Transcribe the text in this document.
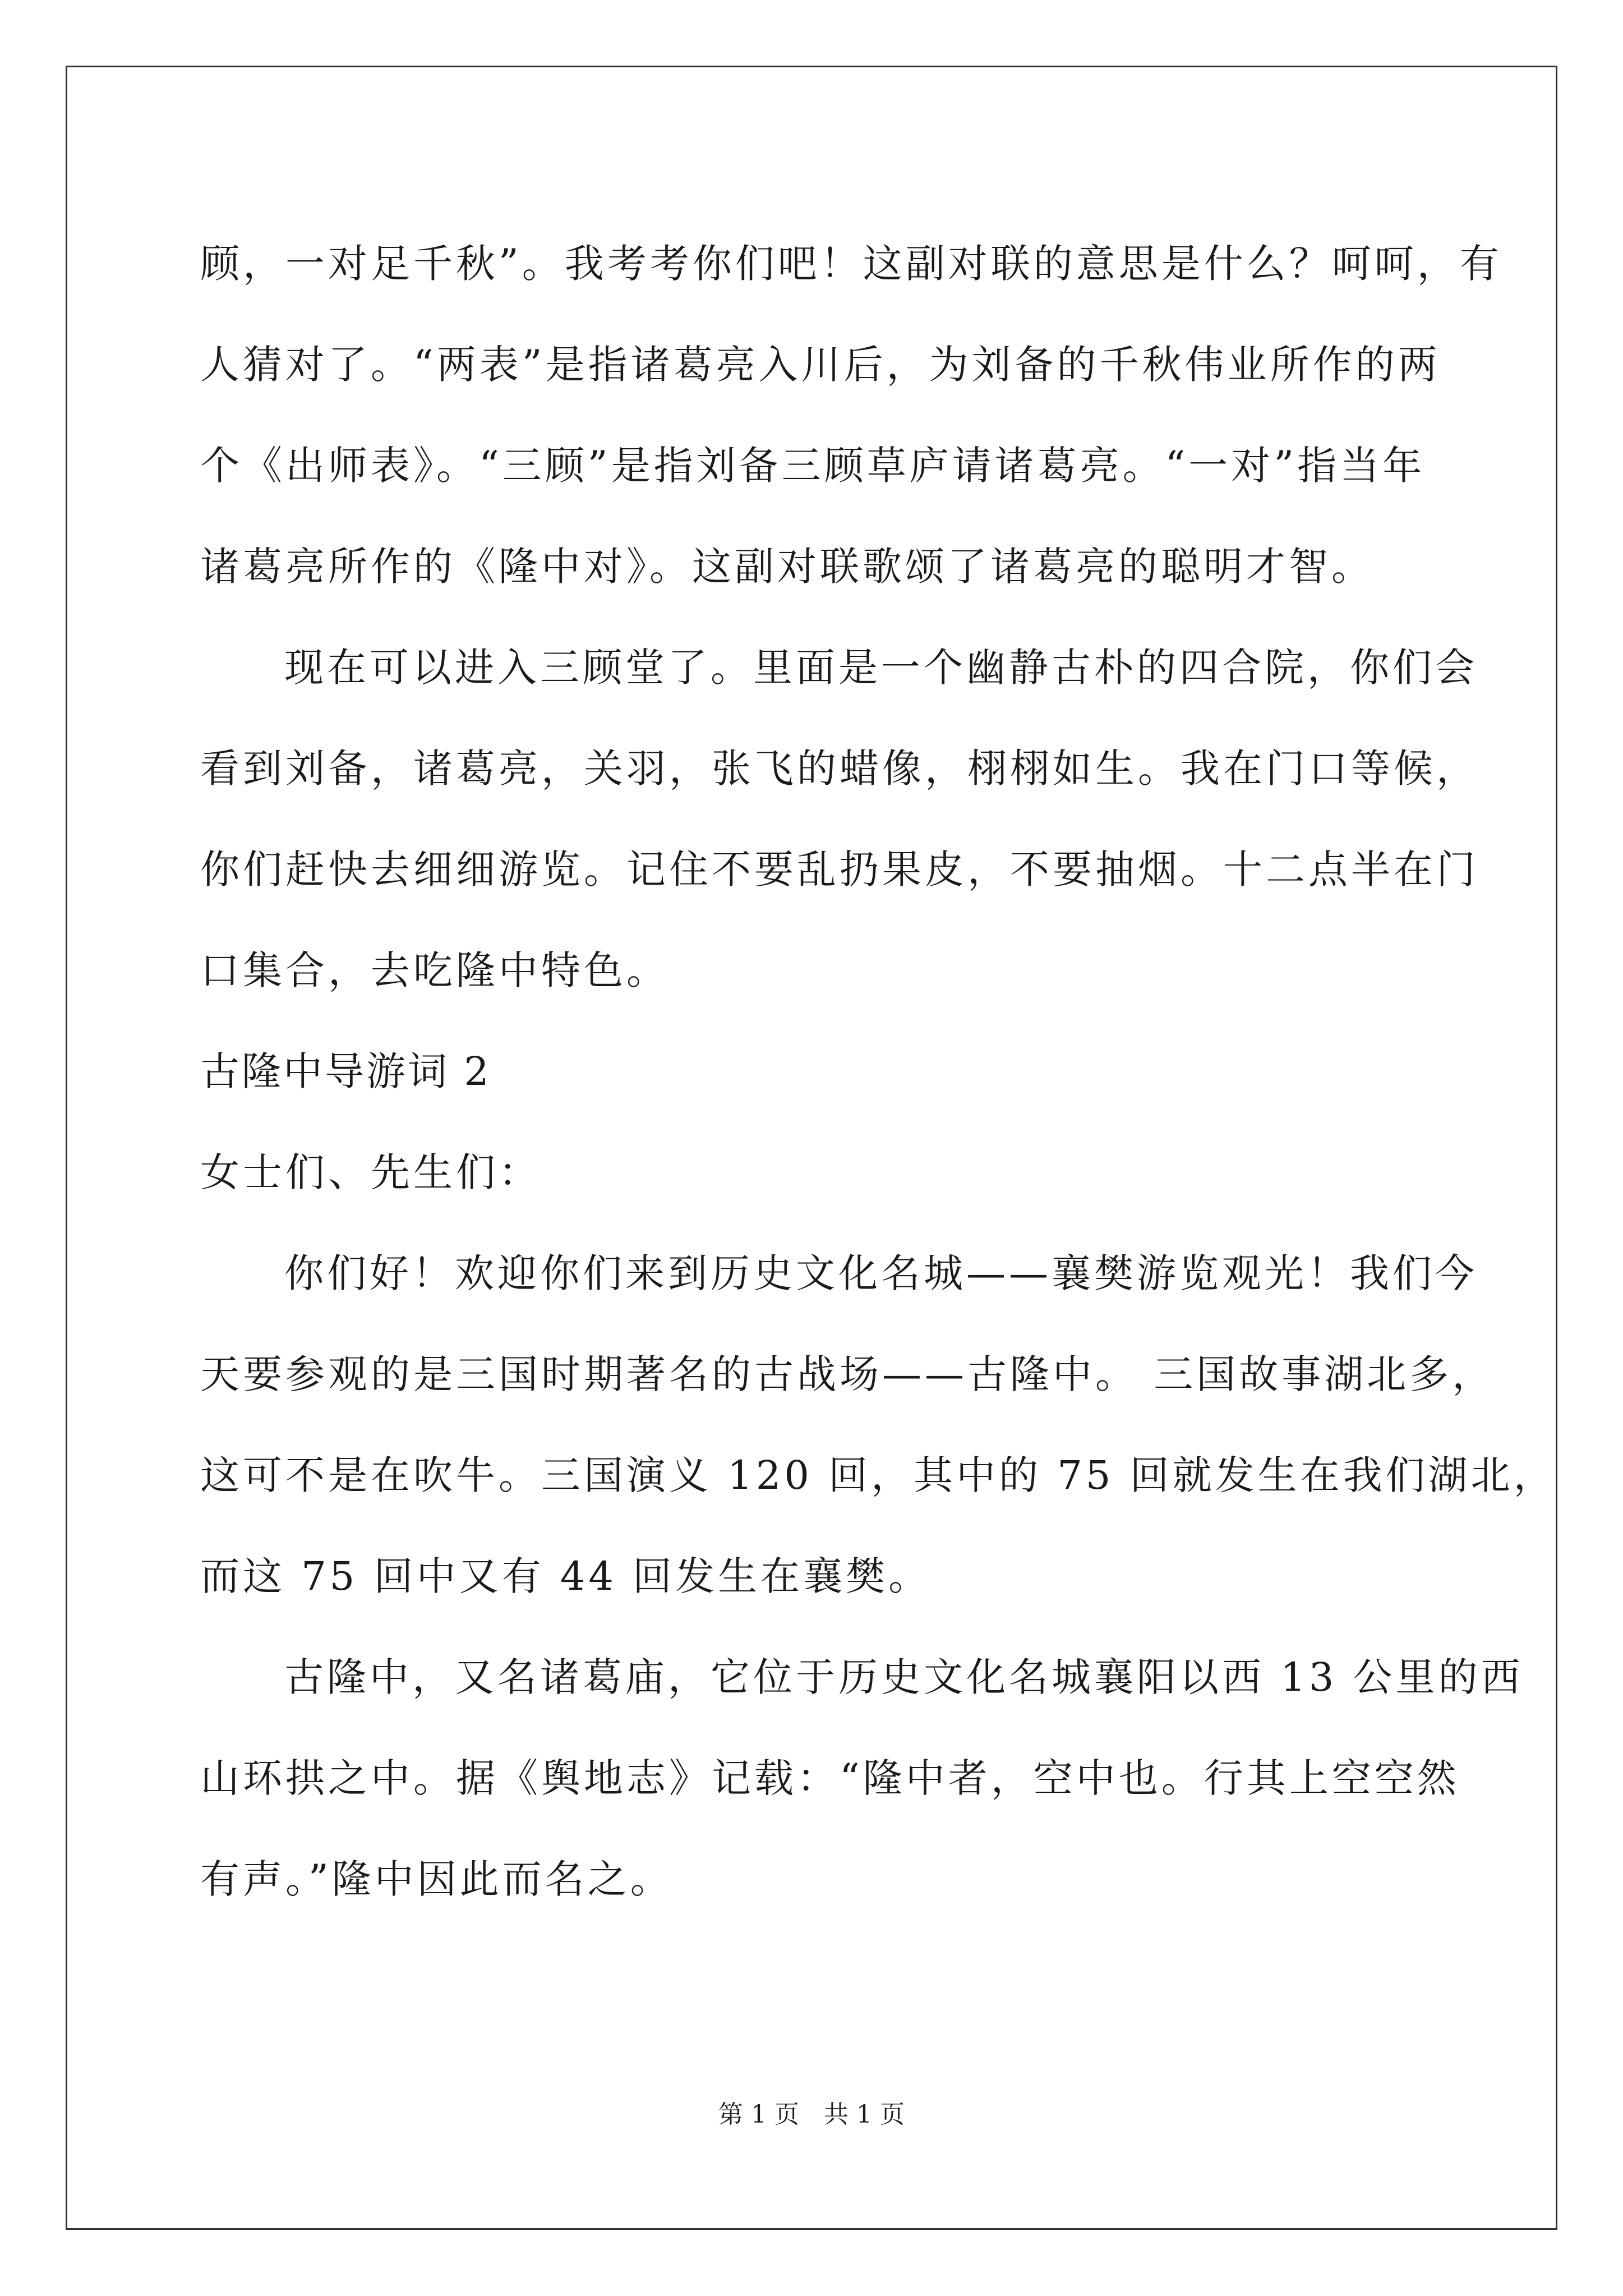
顾，一对足千秋”。我考考你们吧！这副对联的意思是什么？呵呵，有
人猜对了。“两表”是指诸葛亮入川后，为刘备的千秋伟业所作的两
个《出师表》。“三顾”是指刘备三顾草庐请诸葛亮。“一对”指当年
诸葛亮所作的《隆中对》。这副对联歌颂了诸葛亮的聪明才智。
现在可以进入三顾堂了。里面是一个幽静古朴的四合院，你们会
看到刘备，诸葛亮，关羽，张飞的蜡像，栩栩如生。我在门口等候，
你们赶快去细细游览。记住不要乱扔果皮，不要抽烟。十二点半在门
口集合，去吃隆中特色。
古隆中导游词 2
女士们、先生们：
你们好！欢迎你们来到历史文化名城——襄樊游览观光！我们今
天要参观的是三国时期著名的古战场——古隆中。 三国故事湖北多，
这可不是在吹牛。三国演义 120 回，其中的 75 回就发生在我们湖北，
而这 75 回中又有 44 回发生在襄樊。
古隆中，又名诸葛庙，它位于历史文化名城襄阳以西 13 公里的西
山环拱之中。据《舆地志》记载：“隆中者，空中也。行其上空空然
有声。”隆中因此而名之。
第 1 页　共 1 页
